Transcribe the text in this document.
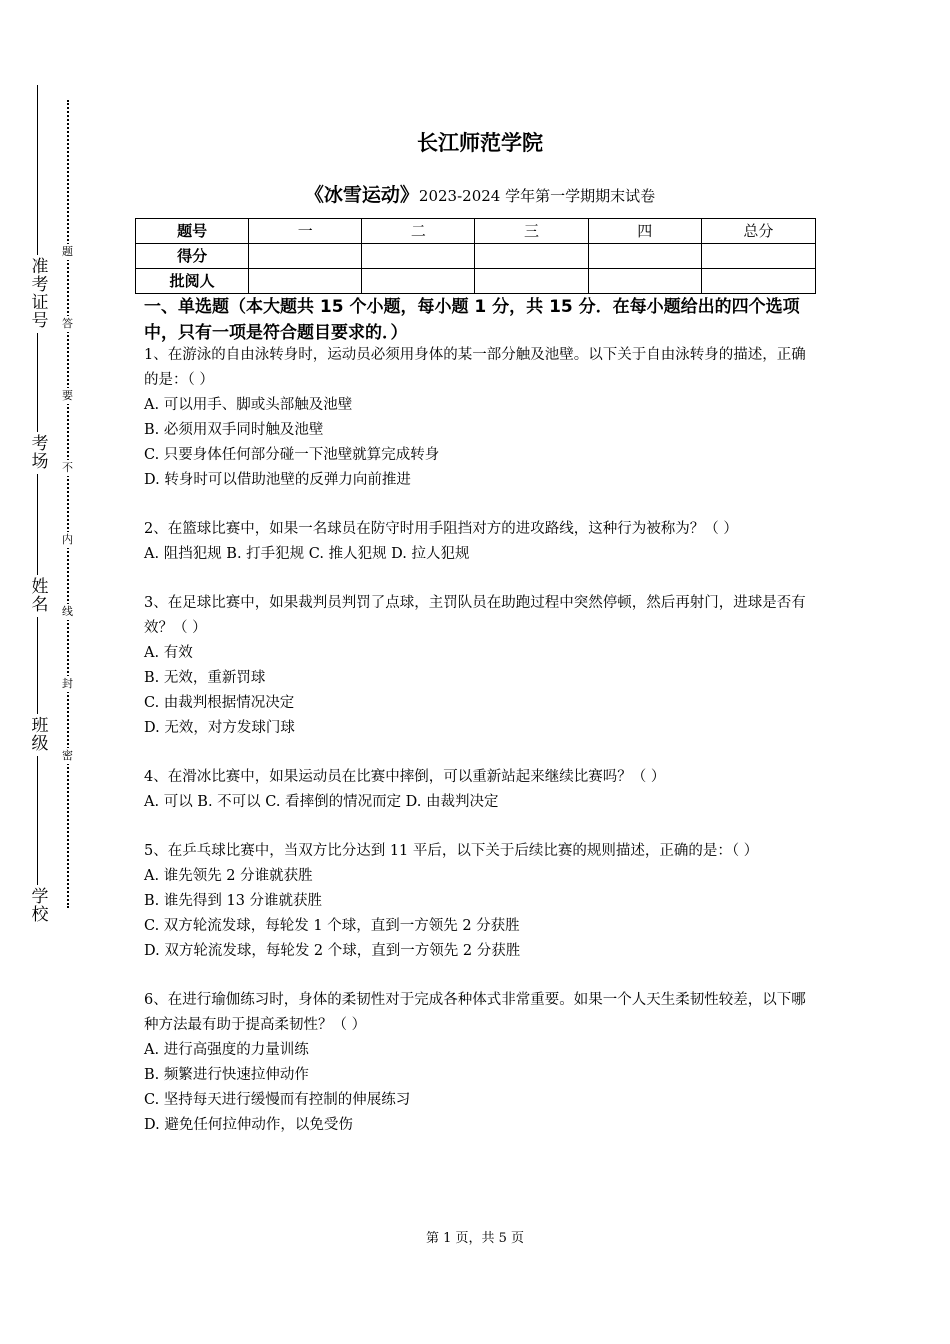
准考证号
考场
姓名
班级
学校
题
答
要
不
内
线
封
密
长江师范学院
《冰雪运动》2023-2024 学年第一学期期末试卷
题号	一	二	三	四	总分
得分					
批阅人					
一、单选题（本大题共 15 个小题，每小题 1 分，共 15 分．在每小题给出的四个选项中，只有一项是符合题目要求的．）

1、在游泳的自由泳转身时，运动员必须用身体的某一部分触及池壁。以下关于自由泳转身的描述，正确的是：（ ）

A. 可以用手、脚或头部触及池壁

B. 必须用双手同时触及池壁

C. 只要身体任何部分碰一下池壁就算完成转身

D. 转身时可以借助池壁的反弹力向前推进

2、在篮球比赛中，如果一名球员在防守时用手阻挡对方的进攻路线，这种行为被称为？（ ）

A. 阻挡犯规 B. 打手犯规 C. 推人犯规 D. 拉人犯规

3、在足球比赛中，如果裁判员判罚了点球，主罚队员在助跑过程中突然停顿，然后再射门，进球是否有效？（ ）

A. 有效

B. 无效，重新罚球

C. 由裁判根据情况决定

D. 无效，对方发球门球

4、在滑冰比赛中，如果运动员在比赛中摔倒，可以重新站起来继续比赛吗？（ ）

A. 可以 B. 不可以 C. 看摔倒的情况而定 D. 由裁判决定

5、在乒乓球比赛中，当双方比分达到 11 平后，以下关于后续比赛的规则描述，正确的是：（ ）

A. 谁先领先 2 分谁就获胜

B. 谁先得到 13 分谁就获胜

C. 双方轮流发球，每轮发 1 个球，直到一方领先 2 分获胜

D. 双方轮流发球，每轮发 2 个球，直到一方领先 2 分获胜

6、在进行瑜伽练习时，身体的柔韧性对于完成各种体式非常重要。如果一个人天生柔韧性较差，以下哪种方法最有助于提高柔韧性？（ ）

A. 进行高强度的力量训练

B. 频繁进行快速拉伸动作

C. 坚持每天进行缓慢而有控制的伸展练习

D. 避免任何拉伸动作，以免受伤

第 1 页，共 5 页
